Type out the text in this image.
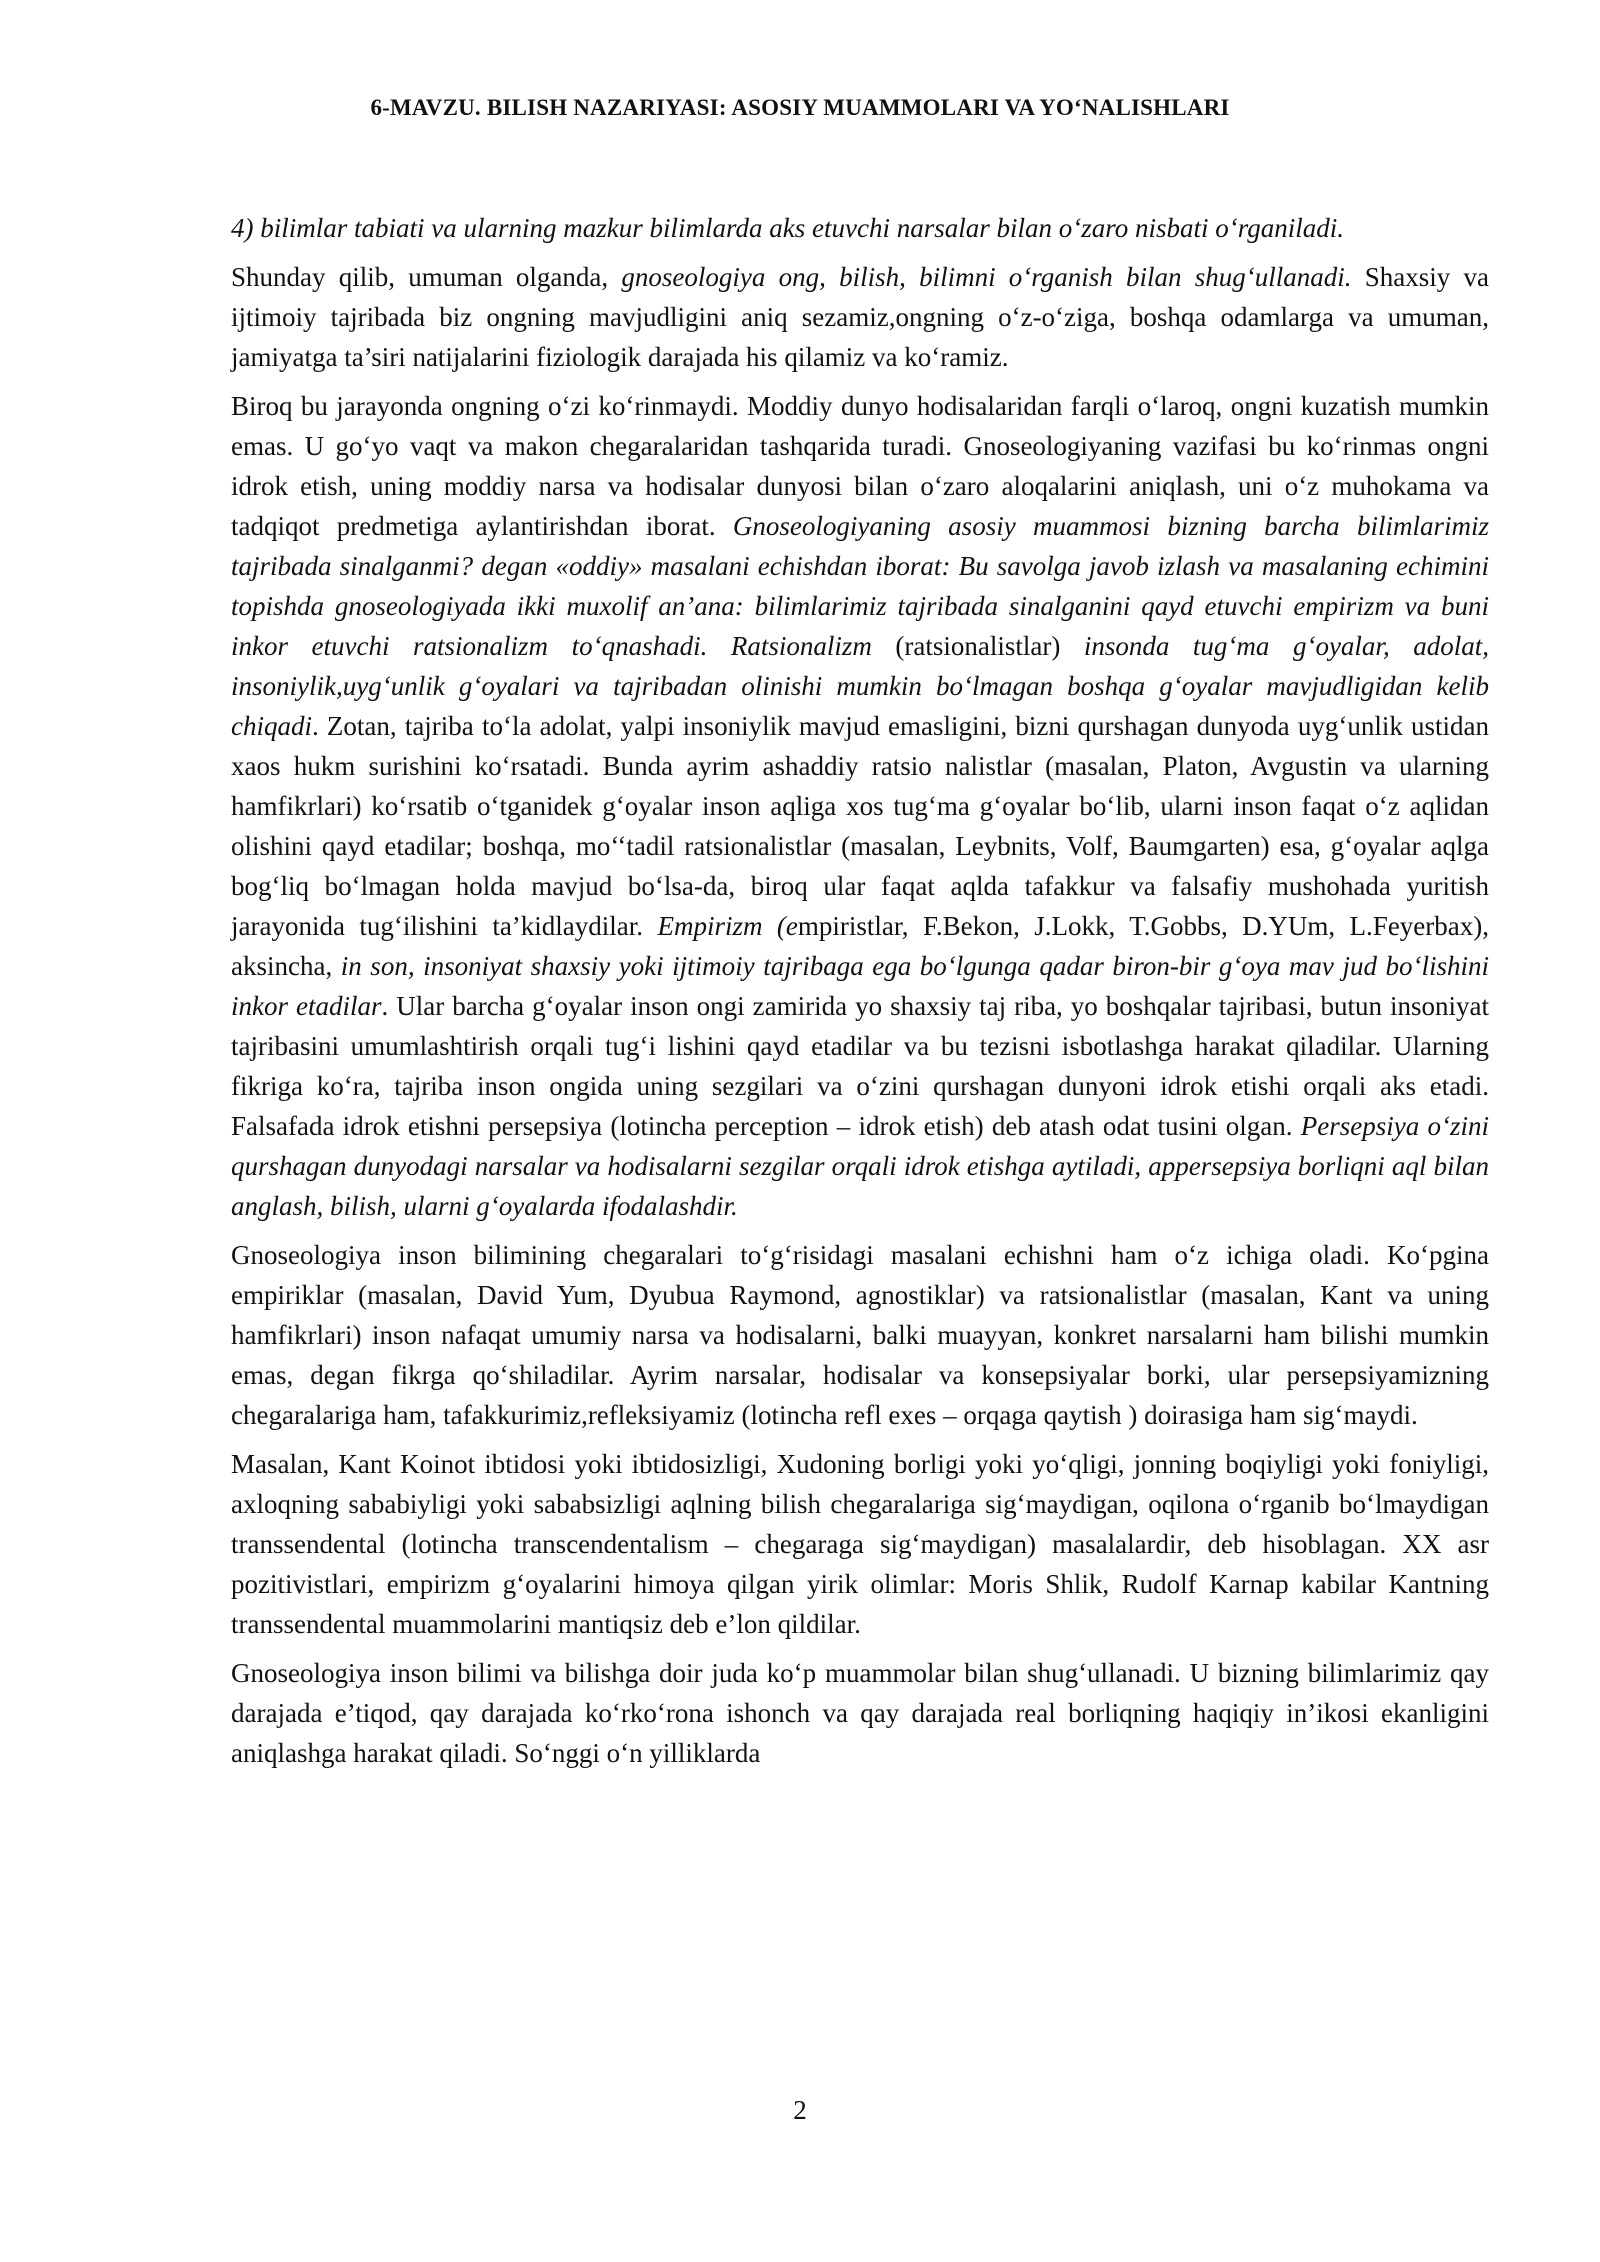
6-MAVZU. BILISH NAZARIYASI: ASOSIY MUAMMOLARI VA YO‘NALISHLARI

4) bilimlar tabiati va ularning mazkur bilimlarda aks etuvchi narsalar bilan o‘zaro nisbati o‘rganiladi.

Shunday qilib, umuman olganda, gnoseologiya ong, bilish, bilimni o‘rganish bilan shug‘ullanadi. Shaxsiy va ijtimoiy tajribada biz ongning mavjudligini aniq sezamiz,ongning o‘z-o‘ziga, boshqa odamlarga va umuman, jamiyatga ta’siri natijalarini fiziologik darajada his qilamiz va ko‘ramiz.

Biroq bu jarayonda ongning o‘zi ko‘rinmaydi. Moddiy dunyo hodisalaridan farqli o‘laroq, ongni kuzatish mumkin emas. U go‘yo vaqt va makon chegaralaridan tashqarida turadi. Gnoseologiyaning vazifasi bu ko‘rinmas ongni idrok etish, uning moddiy narsa va hodisalar dunyosi bilan o‘zaro aloqalarini aniqlash, uni o‘z muhokama va tadqiqot predmetiga aylantirishdan iborat. Gnoseologiyaning asosiy muammosi bizning barcha bilimlarimiz tajribada sinalganmi? degan «oddiy» masalani echishdan iborat: Bu savolga javob izlash va masalaning echimini topishda gnoseologiyada ikki muxolif an’ana: bilimlarimiz tajribada sinalganini qayd etuvchi empirizm va buni inkor etuvchi ratsionalizm to‘qnashadi. Ratsionalizm (ratsionalistlar) insonda tug‘ma g‘oyalar, adolat, insoniylik,uyg‘unlik g‘oyalari va tajribadan olinishi mumkin bo‘lmagan boshqa g‘oyalar mavjudligidan kelib chiqadi. Zotan, tajriba to‘la adolat, yalpi insoniylik mavjud emasligini, bizni qurshagan dunyoda uyg‘unlik ustidan xaos hukm surishini ko‘rsatadi. Bunda ayrim ashaddiy ratsio nalistlar (masalan, Platon, Avgustin va ularning hamfikrlari) ko‘rsatib o‘tganidek g‘oyalar inson aqliga xos tug‘ma g‘oyalar bo‘lib, ularni inson faqat o‘z aqlidan olishini qayd etadilar; boshqa, mo‘‘tadil ratsionalistlar (masalan, Leybnits, Volf, Baumgarten) esa, g‘oyalar aqlga bog‘liq bo‘lmagan holda mavjud bo‘lsa-da, biroq ular faqat aqlda tafakkur va falsafiy mushohada yuritish jarayonida tug‘ilishini ta’kidlaydilar. Empirizm (empiristlar, F.Bekon, J.Lokk, T.Gobbs, D.YUm, L.Feyerbax), aksincha, in son, insoniyat shaxsiy yoki ijtimoiy tajribaga ega bo‘lgunga qadar biron-bir g‘oya mav jud bo‘lishini inkor etadilar. Ular barcha g‘oyalar inson ongi zamirida yo shaxsiy taj riba, yo boshqalar tajribasi, butun insoniyat tajribasini umumlashtirish orqali tug‘i lishini qayd etadilar va bu tezisni isbotlashga harakat qiladilar. Ularning fikriga ko‘ra, tajriba inson ongida uning sezgilari va o‘zini qurshagan dunyoni idrok etishi orqali aks etadi. Falsafada idrok etishni persepsiya (lotincha perception – idrok etish) deb atash odat tusini olgan. Persepsiya o‘zini qurshagan dunyodagi narsalar va hodisalarni sezgilar orqali idrok etishga aytiladi, appersepsiya borliqni aql bilan anglash, bilish, ularni g‘oyalarda ifodalashdir.

Gnoseologiya inson bilimining chegaralari to‘g‘risidagi masalani echishni ham o‘z ichiga oladi. Ko‘pgina empiriklar (masalan, David Yum, Dyubua Raymond, agnostiklar) va ratsionalistlar (masalan, Kant va uning hamfikrlari) inson nafaqat umumiy narsa va hodisalarni, balki muayyan, konkret narsalarni ham bilishi mumkin emas, degan fikrga qo‘shiladilar. Ayrim narsalar, hodisalar va konsepsiyalar borki, ular persepsiyamizning chegaralariga ham, tafakkurimiz,refleksiyamiz (lotincha refl exes – orqaga qaytish ) doirasiga ham sig‘maydi.

Masalan, Kant Koinot ibtidosi yoki ibtidosizligi, Xudoning borligi yoki yo‘qligi, jonning boqiyligi yoki foniyligi, axloqning sababiyligi yoki sababsizligi aqlning bilish chegaralariga sig‘maydigan, oqilona o‘rganib bo‘lmaydigan transsendental (lotincha transcendentalism – chegaraga sig‘maydigan) masalalardir, deb hisoblagan. XX asr pozitivistlari, empirizm g‘oyalarini himoya qilgan yirik olimlar: Moris Shlik, Rudolf Karnap kabilar Kantning transsendental muammolarini mantiqsiz deb e’lon qildilar.

Gnoseologiya inson bilimi va bilishga doir juda ko‘p muammolar bilan shug‘ullanadi. U bizning bilimlarimiz qay darajada e’tiqod, qay darajada ko‘rko‘rona ishonch va qay darajada real borliqning haqiqiy in’ikosi ekanligini aniqlashga harakat qiladi. So‘nggi o‘n yilliklarda

2
